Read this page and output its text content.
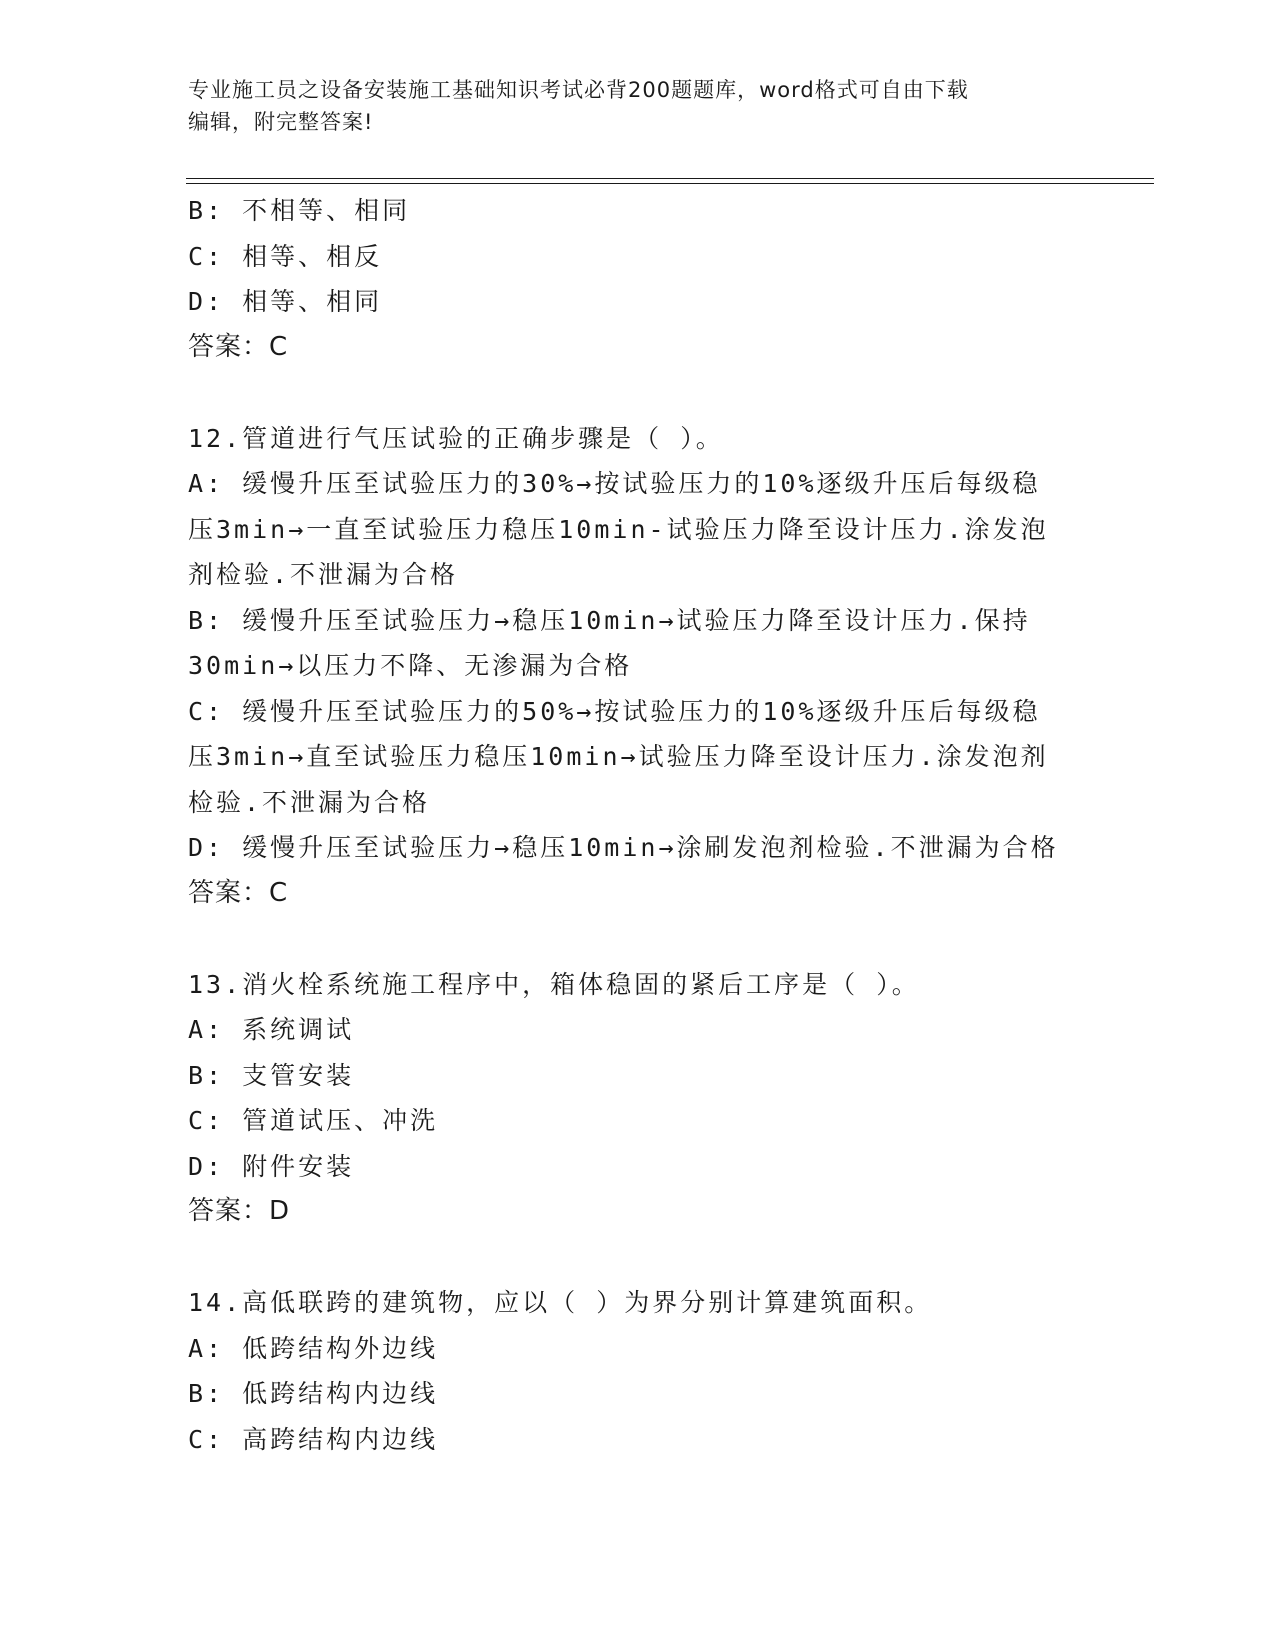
专业施工员之设备安装施工基础知识考试必背200题题库，word格式可自由下载
编辑，附完整答案!
B: 不相等、相同
C: 相等、相反
D: 相等、相同
答案：C
12.管道进行气压试验的正确步骤是（ ）。
A: 缓慢升压至试验压力的30%→按试验压力的10%逐级升压后每级稳
压3min→一直至试验压力稳压10min-试验压力降至设计压力.涂发泡
剂检验.不泄漏为合格
B: 缓慢升压至试验压力→稳压10min→试验压力降至设计压力.保持
30min→以压力不降、无渗漏为合格
C: 缓慢升压至试验压力的50%→按试验压力的10%逐级升压后每级稳
压3min→直至试验压力稳压10min→试验压力降至设计压力.涂发泡剂
检验.不泄漏为合格
D: 缓慢升压至试验压力→稳压10min→涂刷发泡剂检验.不泄漏为合格
答案：C
13.消火栓系统施工程序中，箱体稳固的紧后工序是（ ）。
A: 系统调试
B: 支管安装
C: 管道试压、冲洗
D: 附件安装
答案：D
14.高低联跨的建筑物，应以（ ）为界分别计算建筑面积。
A: 低跨结构外边线
B: 低跨结构内边线
C: 高跨结构内边线
